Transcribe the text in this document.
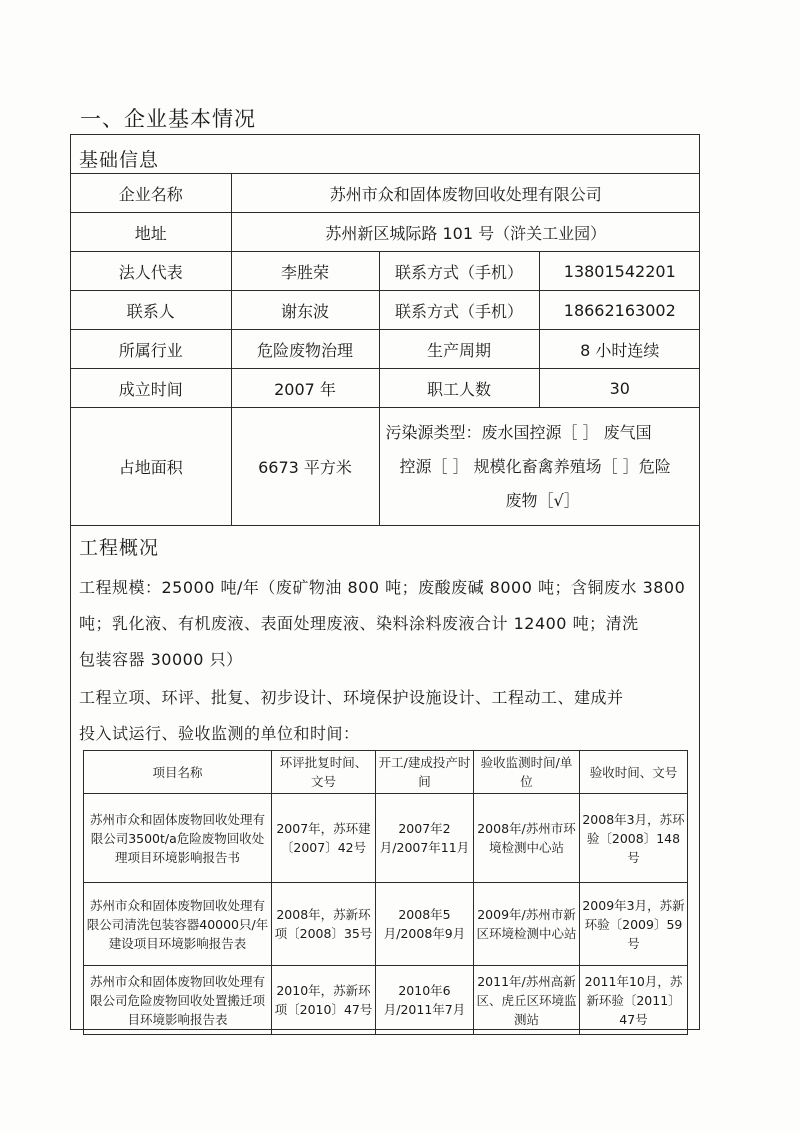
一、企业基本情况
基础信息
企业名称	苏州市众和固体废物回收处理有限公司		
地址	苏州新区城际路 101 号（浒关工业园）		
法人代表	李胜荣	联系方式（手机）	13801542201
联系人	谢东波	联系方式（手机）	18662163002
所属行业	危险废物治理	生产周期	8 小时连续
成立时间	2007 年	职工人数	30
占地面积	6673 平方米	污染源类型：废水国控源［ ］ 废气国
控源［ ］ 规模化畜禽养殖场［ ］危险
废物［√］	
工程概况
工程规模：25000 吨/年（废矿物油 800 吨；废酸废碱 8000 吨；含铜废水 3800
吨；乳化液、有机废液、表面处理废液、染料涂料废液合计 12400 吨；清洗
包装容器 30000 只）
工程立项、环评、批复、初步设计、环境保护设施设计、工程动工、建成并
投入试运行、验收监测的单位和时间：
项目名称	环评批复时间、文号	开工/建成投产时间	验收监测时间/单位	验收时间、文号
苏州市众和固体废物回收处理有限公司3500t/a危险废物回收处理项目环境影响报告书	2007年，苏环建〔2007〕42号	2007年2月/2007年11月	2008年/苏州市环境检测中心站	2008年3月，苏环验〔2008〕148号
苏州市众和固体废物回收处理有限公司清洗包装容器40000只/年建设项目环境影响报告表	2008年，苏新环项〔2008〕35号	2008年5月/2008年9月	2009年/苏州市新区环境检测中心站	2009年3月，苏新环验〔2009〕59号
苏州市众和固体废物回收处理有限公司危险废物回收处置搬迁项目环境影响报告表	2010年，苏新环项〔2010〕47号	2010年6月/2011年7月	2011年/苏州高新区、虎丘区环境监测站	2011年10月，苏新环验〔2011〕47号
